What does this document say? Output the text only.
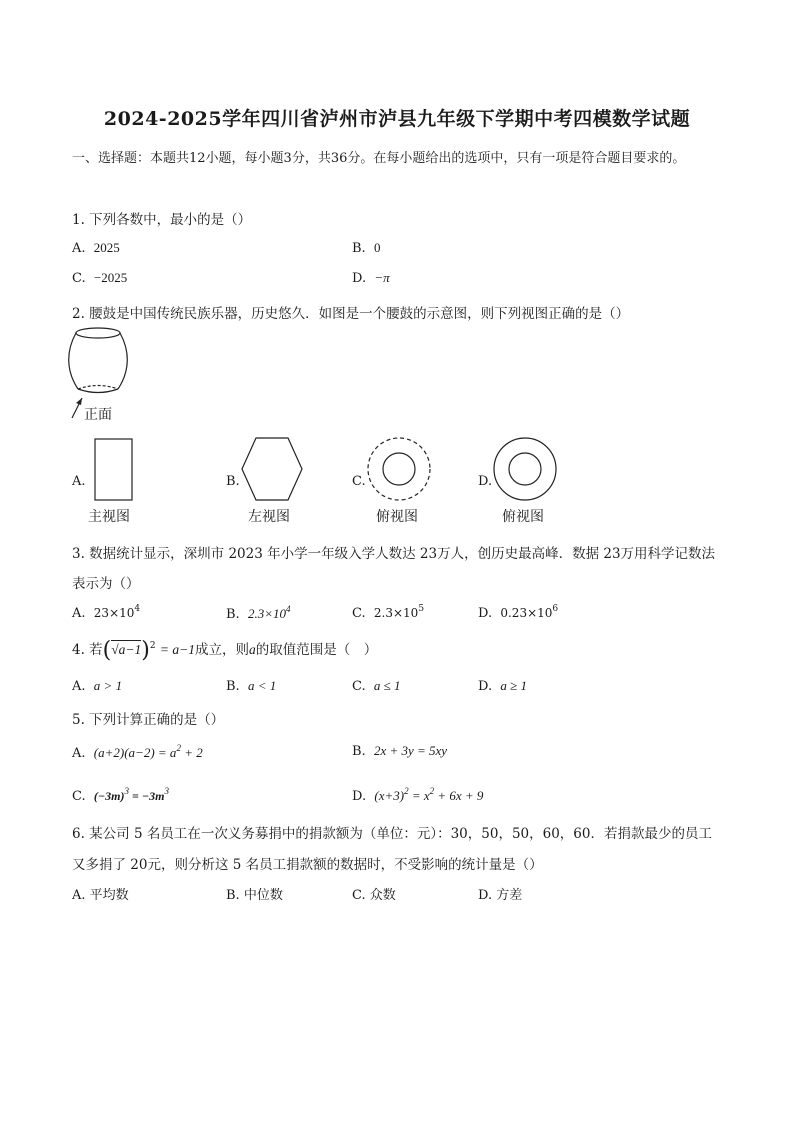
2024-2025学年四川省泸州市泸县九年级下学期中考四模数学试题
一、选择题：本题共12小题，每小题3分，共36分。在每小题给出的选项中，只有一项是符合题目要求的。
1. 下列各数中，最小的是（）
A. 2025	B. 0
C. −2025	D. −π
2. 腰鼓是中国传统民族乐器，历史悠久．如图是一个腰鼓的示意图，则下列视图正确的是（）
正面
A.
主视图
B.
左视图
C.
俯视图
D.
俯视图
3. 数据统计显示，深圳市 2023 年小学一年级入学人数达 23万人，创历史最高峰．数据 23万用科学记数法
表示为（）
A. $23\times 10^4$	B. $2.3\times 10^4$	C. $2.3\times 10^5$	D. $0.23\times 10^6$
4. 若$(√a-1)^2 = a-1$成立，则a的取值范围是（　）
A. a > 1	B. a < 1	C. a ≤ 1	D. a ≥ 1
5. 下列计算正确的是（）
A. $(a+2)(a-2) = a^2 + 2$	B. 2x + 3y = 5xy
C. $(-3m)^3 = -3m^3$	D. $(x+3)^2 = x^2 + 6x + 9$
6. 某公司 5 名员工在一次义务募捐中的捐款额为（单位：元）：30，50，50，60，60．若捐款最少的员工
又多捐了 20元，则分析这 5 名员工捐款额的数据时，不受影响的统计量是（）
A. 平均数	B. 中位数	C. 众数	D. 方差
